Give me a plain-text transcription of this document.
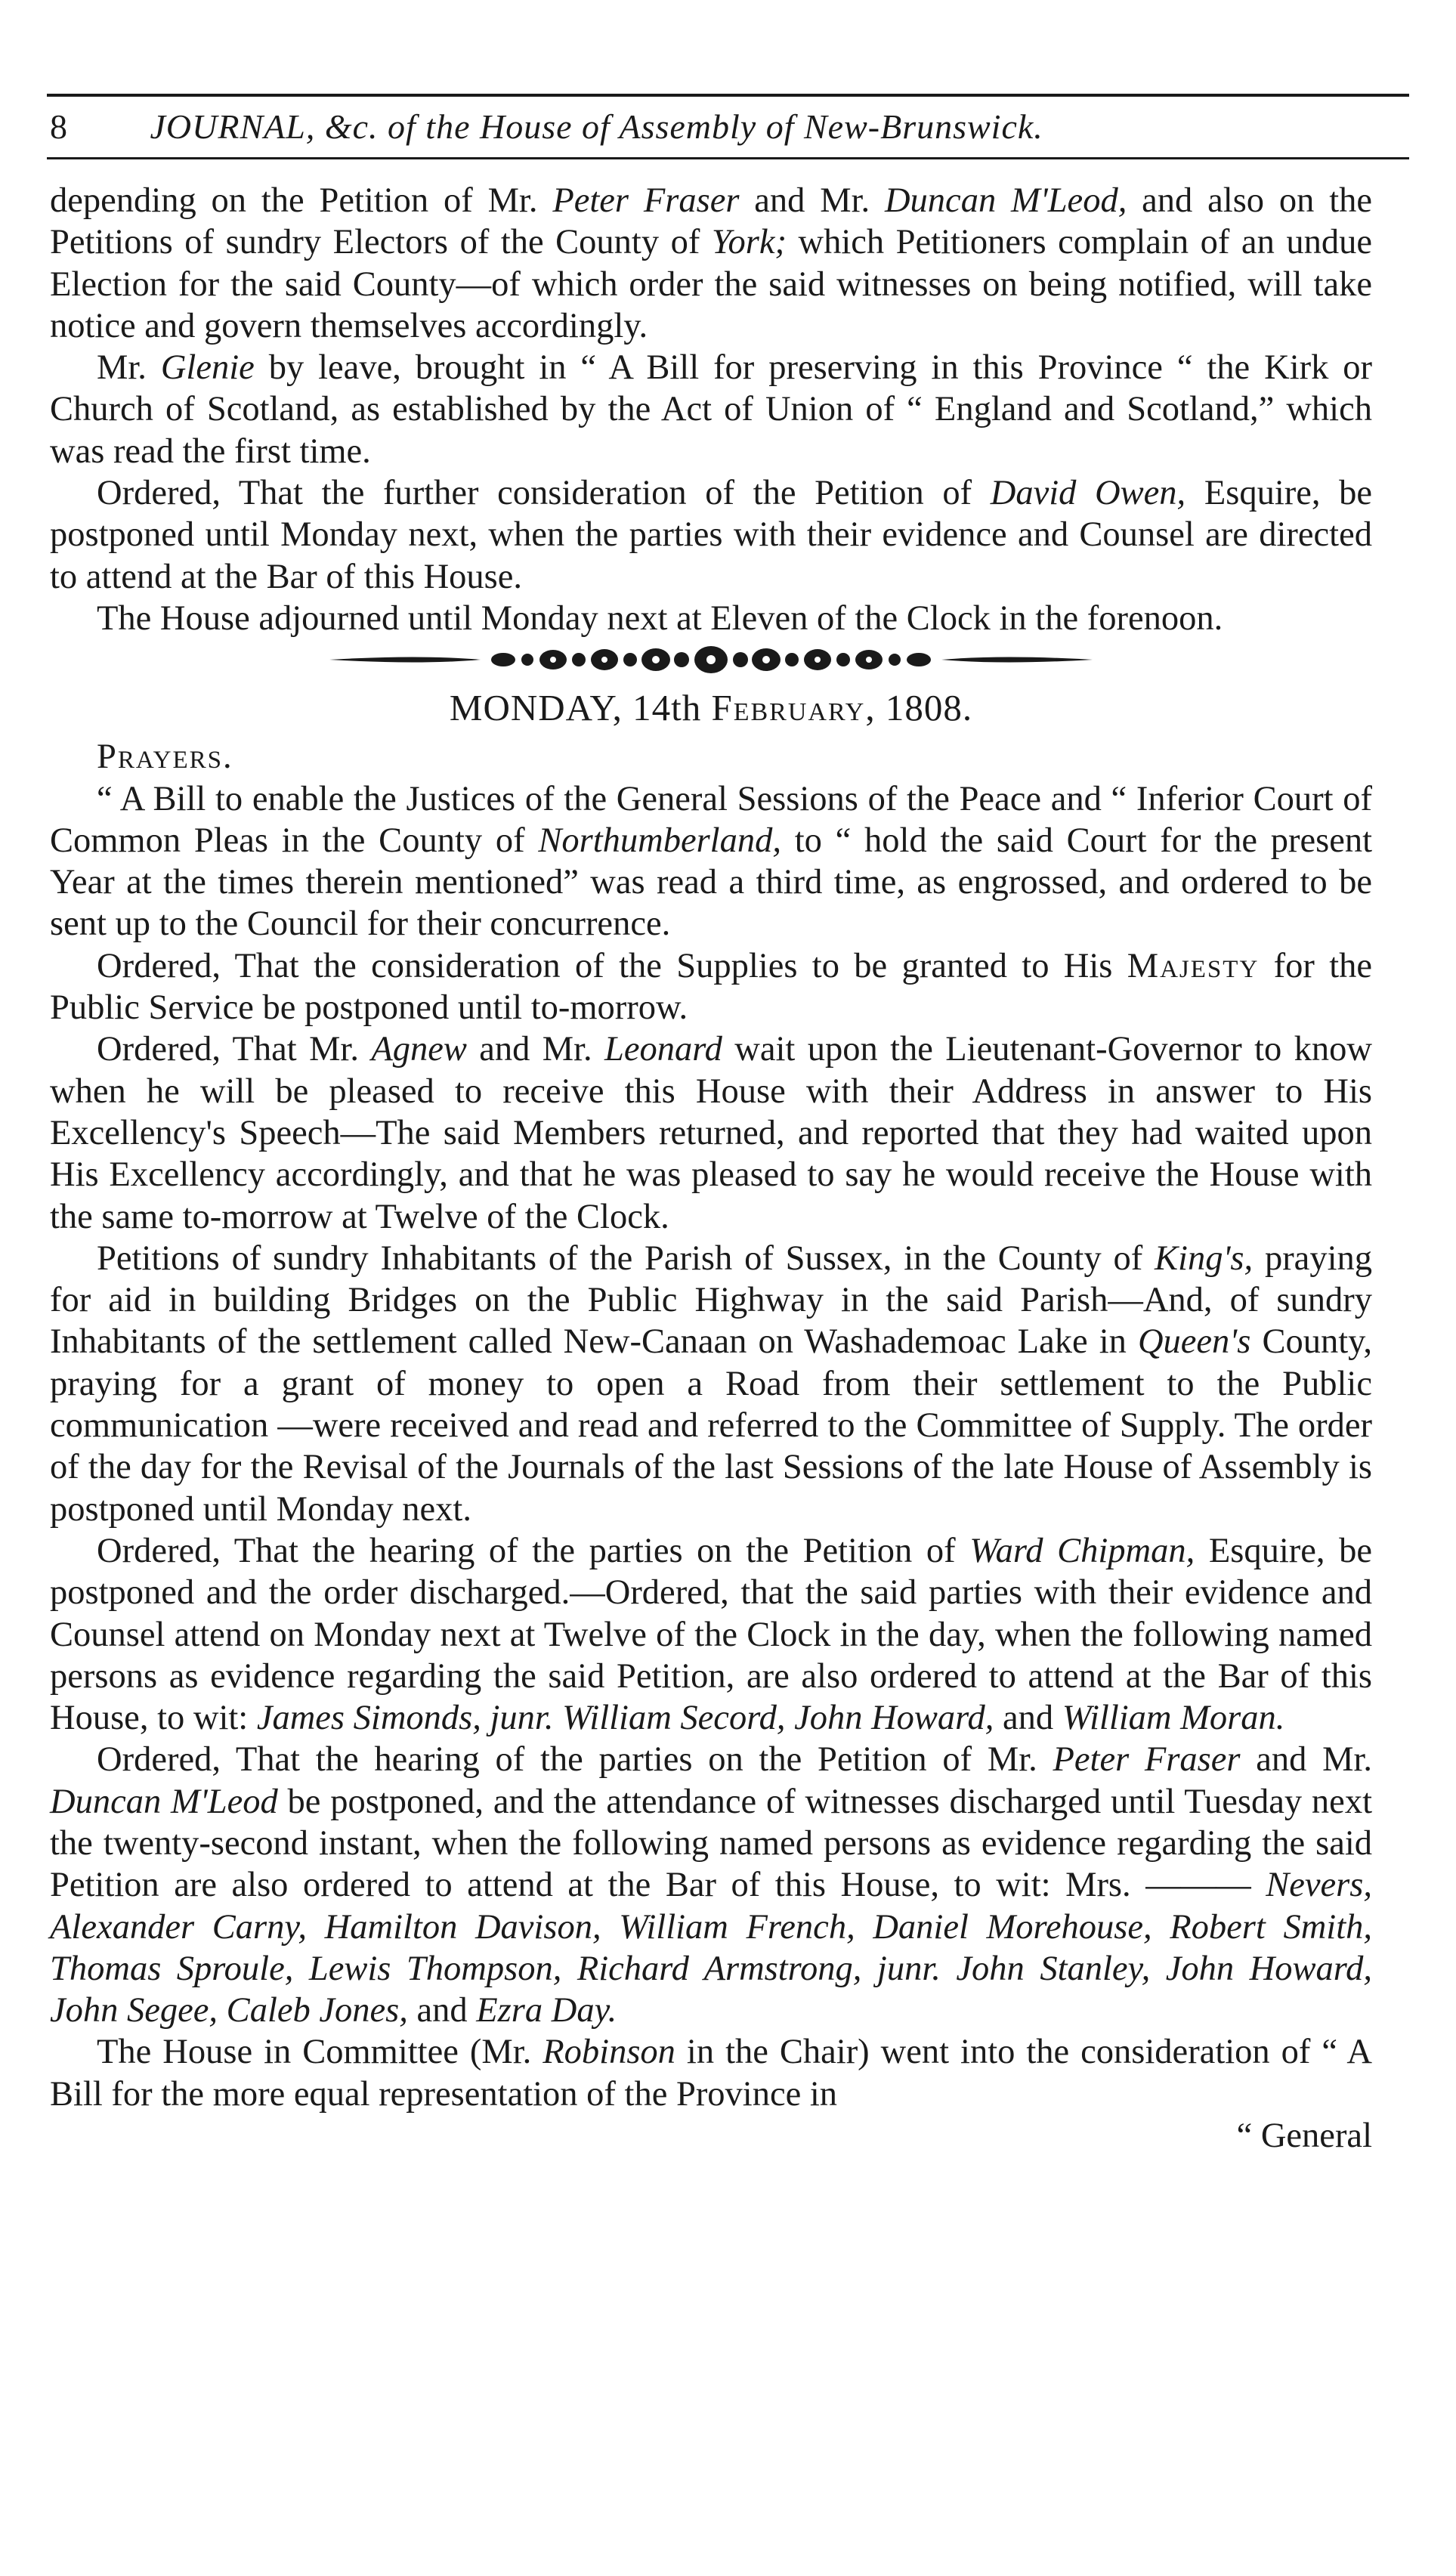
8 JOURNAL, &c. of the House of Assembly of New-Brunswick.

depending on the Petition of Mr. Peter Fraser and Mr. Duncan M'Leod, and also on the Petitions of sundry Electors of the County of York; which Petitioners complain of an undue Election for the said County—of which order the said witnesses on being notified, will take notice and govern themselves accordingly.

Mr. Glenie by leave, brought in “ A Bill for preserving in this Province “ the Kirk or Church of Scotland, as established by the Act of Union of “ England and Scotland,” which was read the first time.

Ordered, That the further consideration of the Petition of David Owen, Esquire, be postponed until Monday next, when the parties with their evidence and Counsel are directed to attend at the Bar of this House.

The House adjourned until Monday next at Eleven of the Clock in the forenoon.

MONDAY, 14th February, 1808.

Prayers.

“ A Bill to enable the Justices of the General Sessions of the Peace and “ Inferior Court of Common Pleas in the County of Northumberland, to “ hold the said Court for the present Year at the times therein mentioned” was read a third time, as engrossed, and ordered to be sent up to the Council for their concurrence.

Ordered, That the consideration of the Supplies to be granted to His Majesty for the Public Service be postponed until to-morrow.

Ordered, That Mr. Agnew and Mr. Leonard wait upon the Lieutenant-Governor to know when he will be pleased to receive this House with their Address in answer to His Excellency's Speech—The said Members returned, and reported that they had waited upon His Excellency accordingly, and that he was pleased to say he would receive the House with the same to-morrow at Twelve of the Clock.

Petitions of sundry Inhabitants of the Parish of Sussex, in the County of King's, praying for aid in building Bridges on the Public Highway in the said Parish—And, of sundry Inhabitants of the settlement called New-Canaan on Washademoac Lake in Queen's County, praying for a grant of money to open a Road from their settlement to the Public communication —were received and read and referred to the Committee of Supply. The order of the day for the Revisal of the Journals of the last Sessions of the late House of Assembly is postponed until Monday next.

Ordered, That the hearing of the parties on the Petition of Ward Chipman, Esquire, be postponed and the order discharged.—Ordered, that the said parties with their evidence and Counsel attend on Monday next at Twelve of the Clock in the day, when the following named persons as evidence regarding the said Petition, are also ordered to attend at the Bar of this House, to wit: James Simonds, junr. William Secord, John Howard, and William Moran.

Ordered, That the hearing of the parties on the Petition of Mr. Peter Fraser and Mr. Duncan M'Leod be postponed, and the attendance of witnesses discharged until Tuesday next the twenty-second instant, when the following named persons as evidence regarding the said Petition are also ordered to attend at the Bar of this House, to wit: Mrs. ——— Nevers, Alexander Carny, Hamilton Davison, William French, Daniel Morehouse, Robert Smith, Thomas Sproule, Lewis Thompson, Richard Armstrong, junr. John Stanley, John Howard, John Segee, Caleb Jones, and Ezra Day.

The House in Committee (Mr. Robinson in the Chair) went into the consideration of “ A Bill for the more equal representation of the Province in

“ General
